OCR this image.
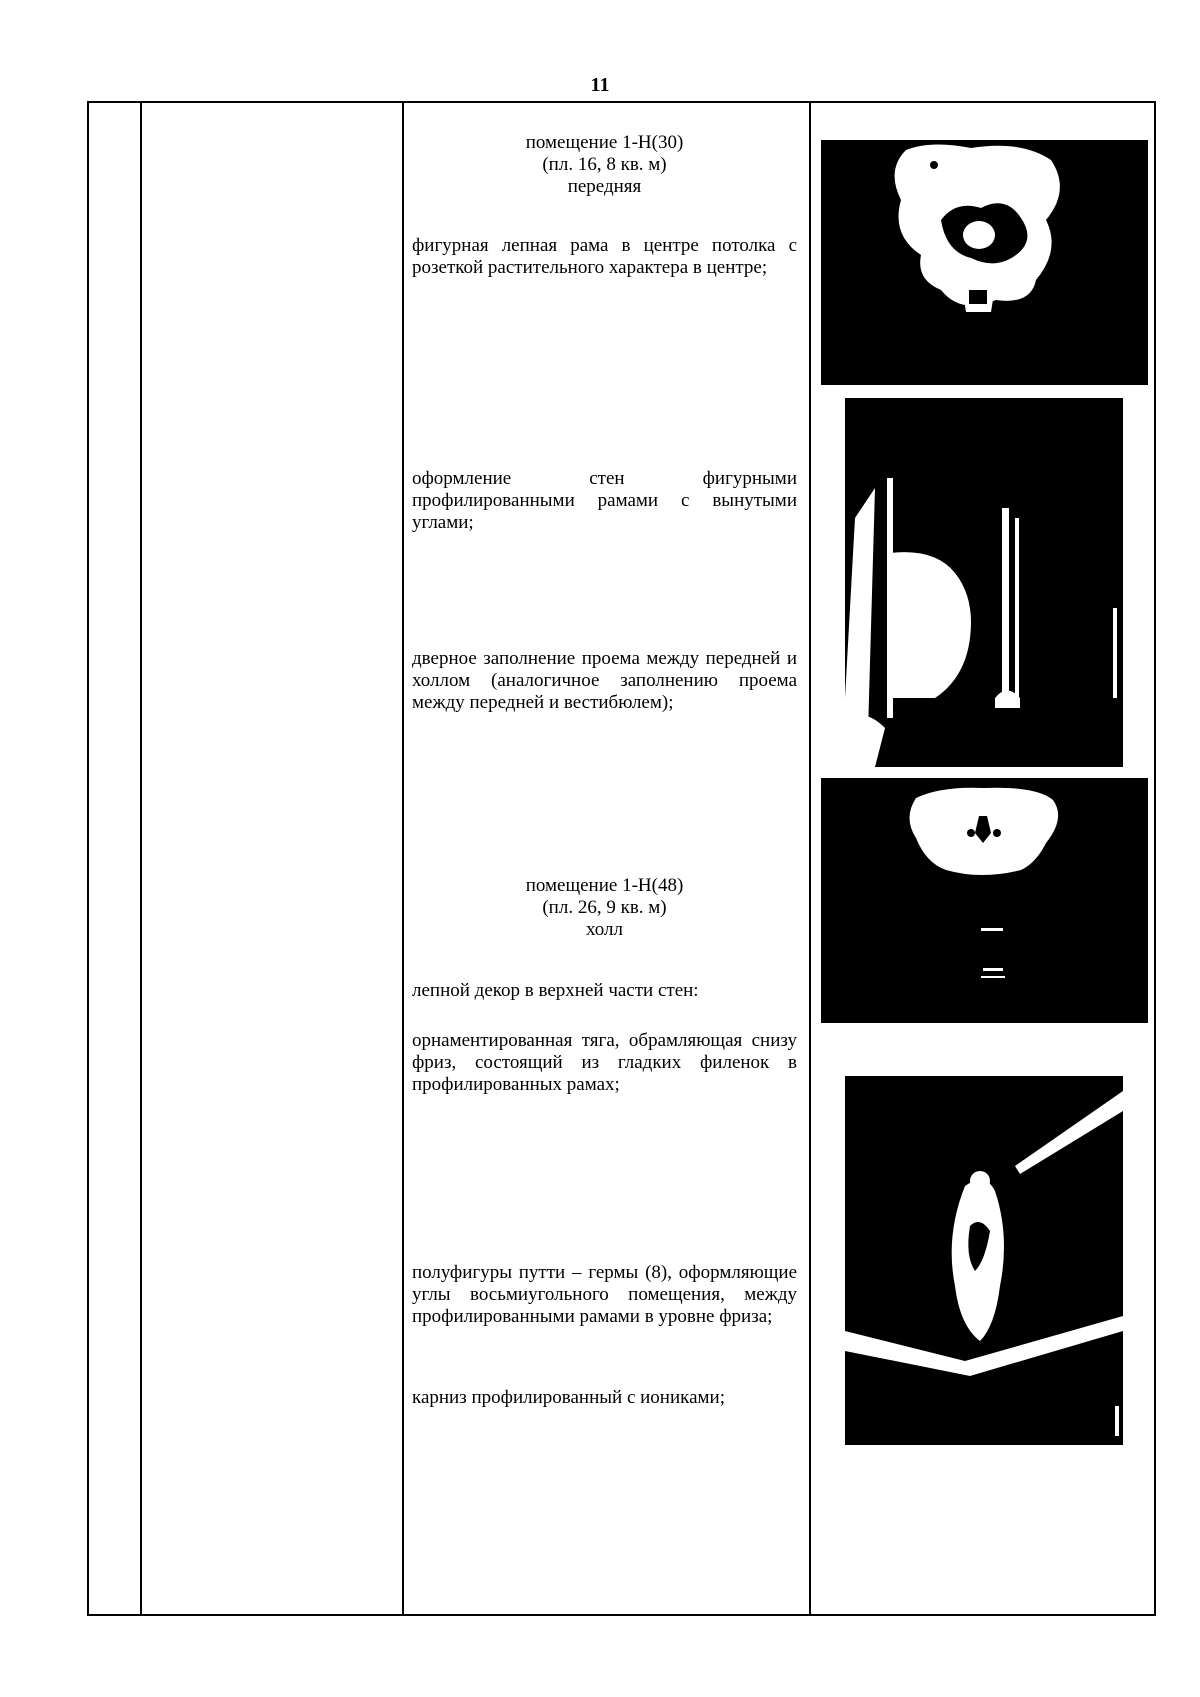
11
помещение 1-Н(30)
(пл. 16, 8 кв. м)
передняя
фигурная лепная рама в центре потолка с розеткой растительного характера в центре;
оформление стен фигурными профилированными рамами с вынутыми углами;
дверное заполнение проема между передней и холлом (аналогичное заполнению проема между передней и вестибюлем);
помещение 1-Н(48)
(пл. 26, 9 кв. м)
холл
лепной декор в верхней части стен:
орнаментированная тяга, обрамляющая снизу фриз, состоящий из гладких филенок в профилированных рамах;
полуфигуры путти – гермы (8), оформляющие углы восьмиугольного помещения, между профилированными рамами в уровне фриза;
карниз профилированный с иониками;
